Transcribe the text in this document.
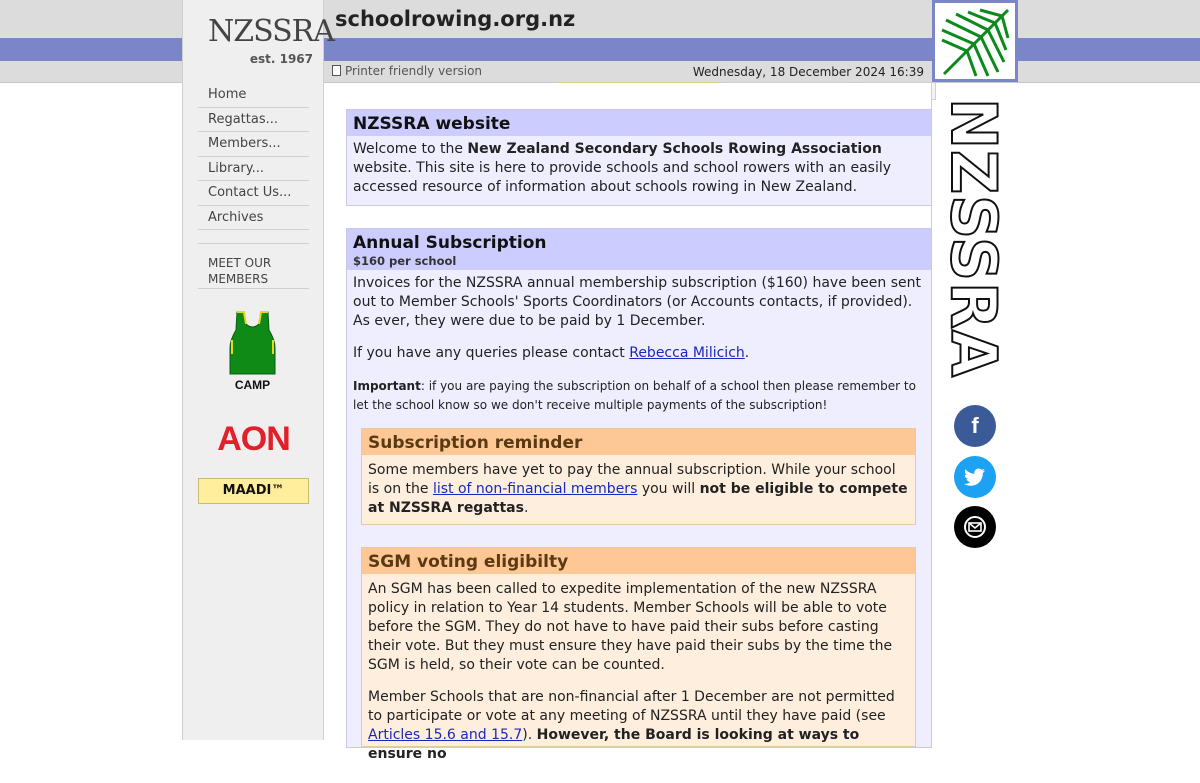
NZSSRA
est. 1967
Home
Regattas...
Members...
Library...
Contact Us...
Archives
MEET OUR MEMBERS
CAMP
AON
MAADI™
schoolrowing.org.nz
Printer friendly version	Wednesday, 18 December 2024 16:39
NZSSRA
f
NZSSRA website

Welcome to the New Zealand Secondary Schools Rowing Association website. This site is here to provide schools and school rowers with an easily accessed resource of information about schools rowing in New Zealand.

Annual Subscription
$160 per school

Invoices for the NZSSRA annual membership subscription ($160) have been sent out to Member Schools' Sports Coordinators (or Accounts contacts, if provided). As ever, they were due to be paid by 1 December.

If you have any queries please contact Rebecca Milicich.

Important: if you are paying the subscription on behalf of a school then please remember to let the school know so we don't receive multiple payments of the subscription!

Subscription reminder

Some members have yet to pay the annual subscription. While your school is on the list of non-financial members you will not be eligible to compete at NZSSRA regattas.

SGM voting eligibilty

An SGM has been called to expedite implementation of the new NZSSRA policy in relation to Year 14 students. Member Schools will be able to vote before the SGM. They do not have to have paid their subs before casting their vote. But they must ensure they have paid their subs by the time the SGM is held, so their vote can be counted.

Member Schools that are non-financial after 1 December are not permitted to participate or vote at any meeting of NZSSRA until they have paid (see Articles 15.6 and 15.7). However, the Board is looking at ways to ensure no
